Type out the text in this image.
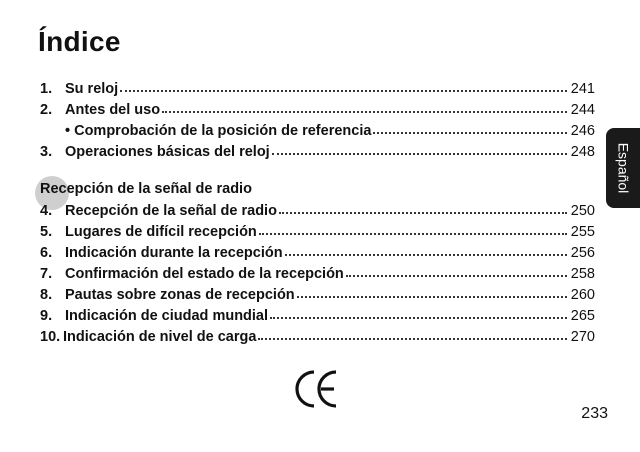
Índice
1. Su reloj	241
2. Antes del uso	244
• Comprobación de la posición de referencia	246
3. Operaciones básicas del reloj	248
Recepción de la señal de radio
4. Recepción de la señal de radio	250
5. Lugares de difícil recepción	255
6. Indicación durante la recepción	256
7. Confirmación del estado de la recepción	258
8. Pautas sobre zonas de recepción	260
9. Indicación de ciudad mundial	265
10. Indicación de nivel de carga	270
Español
233
